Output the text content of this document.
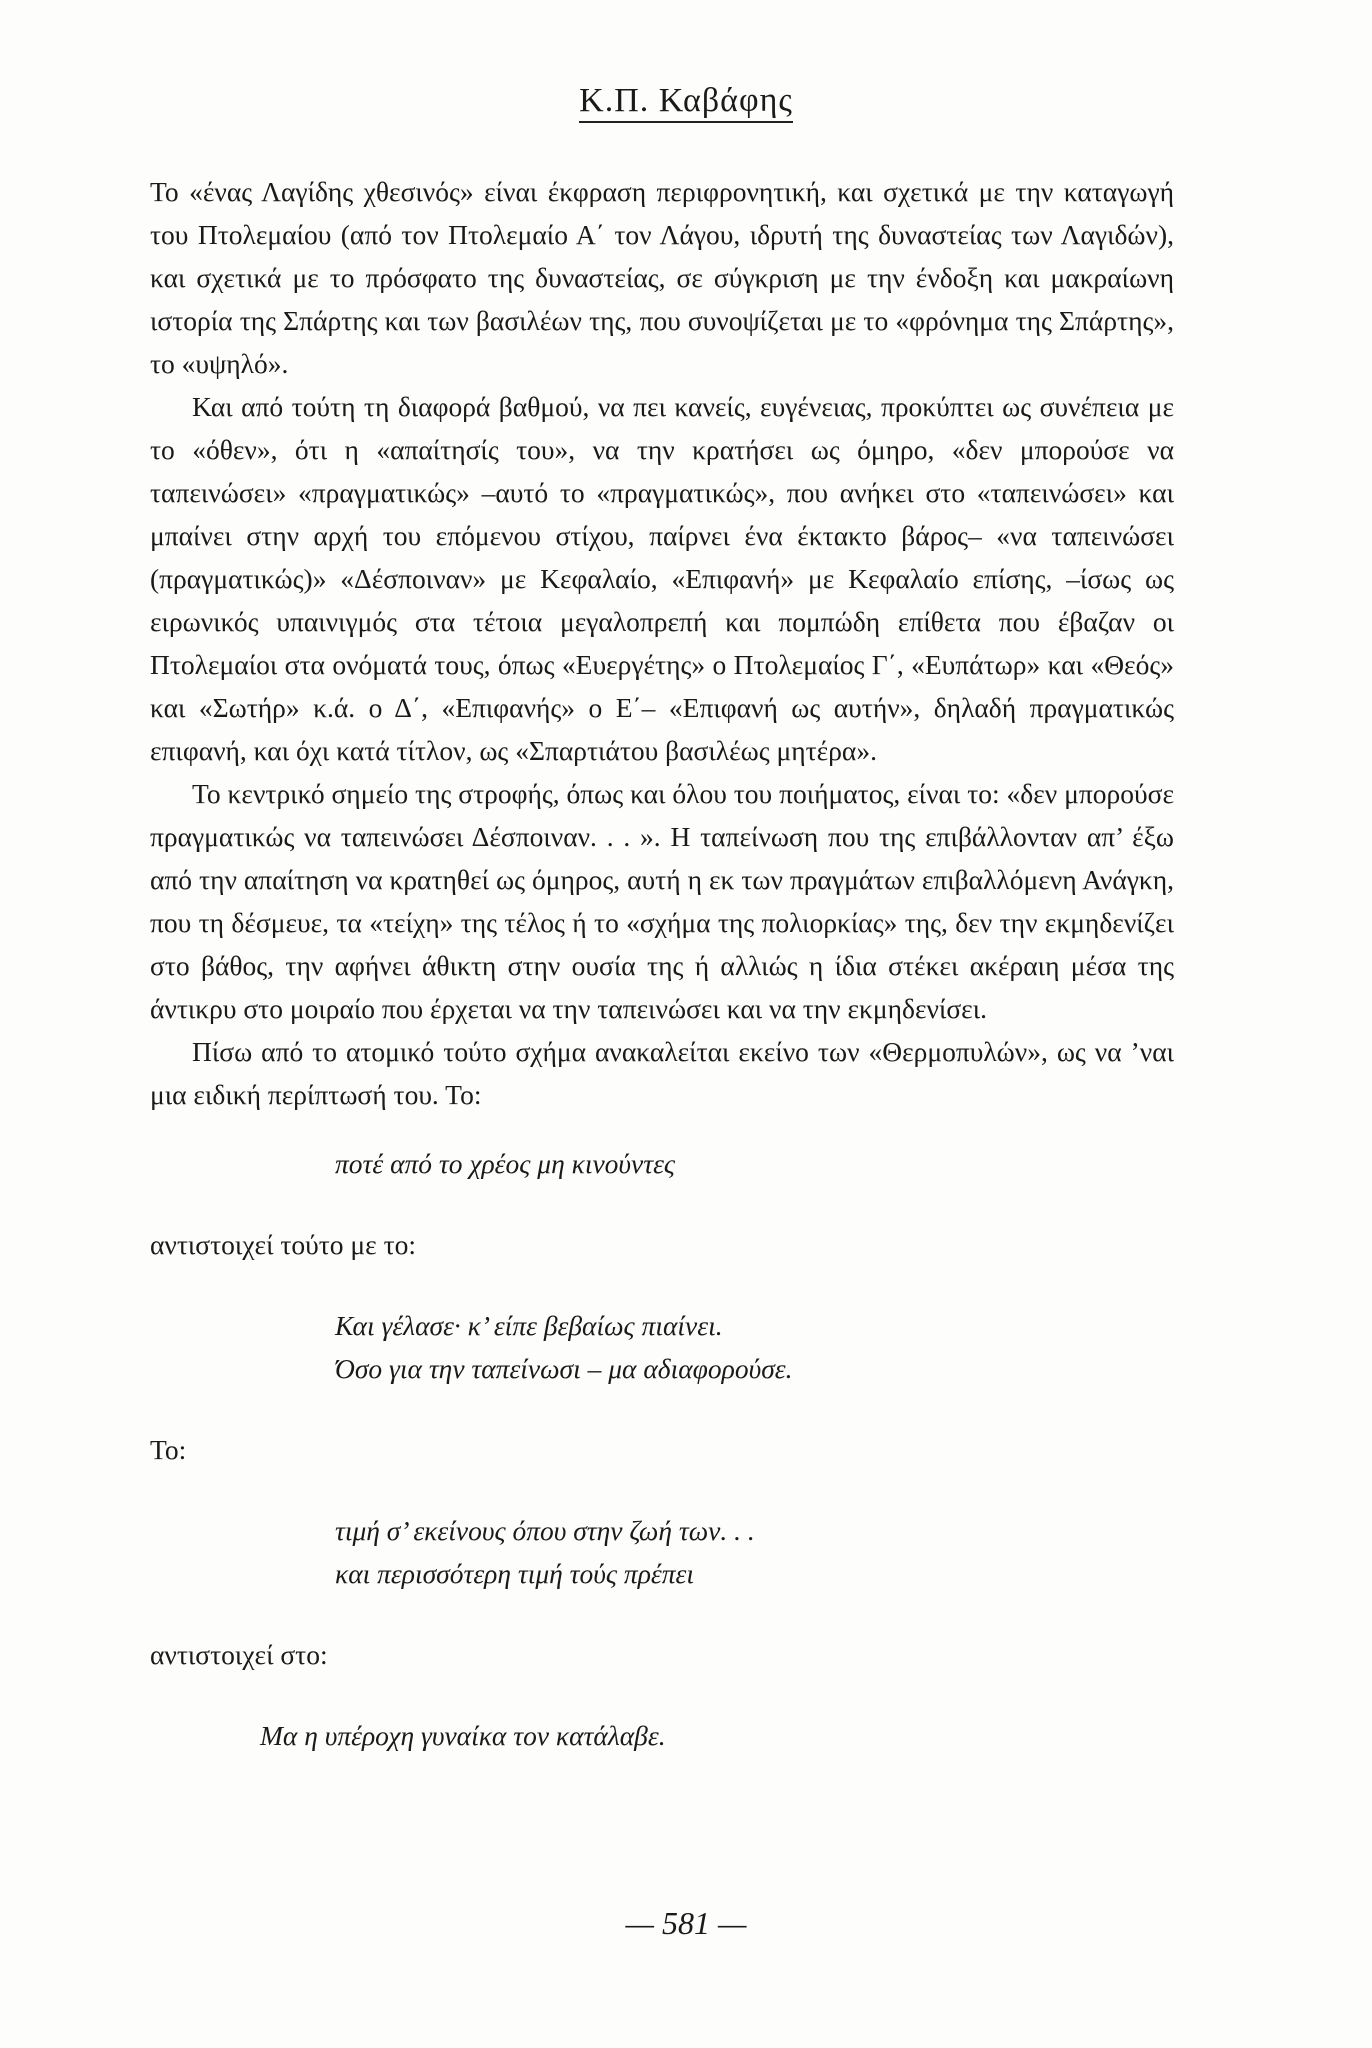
Κ.Π. Καβάφης

Το «ένας Λαγίδης χθεσινός» είναι έκφραση περιφρονητική, και σχετικά με την καταγωγή του Πτολεμαίου (από τον Πτολεμαίο Α΄ τον Λάγου, ιδρυτή της δυναστείας των Λαγιδών), και σχετικά με το πρόσφατο της δυναστείας, σε σύγκριση με την ένδοξη και μακραίωνη ιστορία της Σπάρτης και των βασιλέων της, που συνοψίζεται με το «φρόνημα της Σπάρτης», το «υψηλό».

Και από τούτη τη διαφορά βαθμού, να πει κανείς, ευγένειας, προκύπτει ως συνέπεια με το «όθεν», ότι η «απαίτησίς του», να την κρατήσει ως όμηρο, «δεν μπορούσε να ταπεινώσει» «πραγματικώς» –αυτό το «πραγματικώς», που ανήκει στο «ταπεινώσει» και μπαίνει στην αρχή του επόμενου στίχου, παίρνει ένα έκτακτο βάρος– «να ταπεινώσει (πραγματικώς)» «Δέσποιναν» με Κεφαλαίο, «Επιφανή» με Κεφαλαίο επίσης, –ίσως ως ειρωνικός υπαινιγμός στα τέτοια μεγαλοπρεπή και πομπώδη επίθετα που έβαζαν οι Πτολεμαίοι στα ονόματά τους, όπως «Ευεργέτης» ο Πτολεμαίος Γ΄, «Ευπάτωρ» και «Θεός» και «Σωτήρ» κ.ά. ο Δ΄, «Επιφανής» ο Ε΄– «Επιφανή ως αυτήν», δηλαδή πραγματικώς επιφανή, και όχι κατά τίτλον, ως «Σπαρτιάτου βασιλέως μητέρα».

Το κεντρικό σημείο της στροφής, όπως και όλου του ποιήματος, είναι το: «δεν μπορούσε πραγματικώς να ταπεινώσει Δέσποιναν. . . ». Η ταπείνωση που της επιβάλλονταν απ’ έξω από την απαίτηση να κρατηθεί ως όμηρος, αυτή η εκ των πραγμάτων επιβαλλόμενη Ανάγκη, που τη δέσμευε, τα «τείχη» της τέλος ή το «σχήμα της πολιορκίας» της, δεν την εκμηδενίζει στο βάθος, την αφήνει άθικτη στην ουσία της ή αλλιώς η ίδια στέκει ακέραιη μέσα της άντικρυ στο μοιραίο που έρχεται να την ταπεινώσει και να την εκμηδενίσει.

Πίσω από το ατομικό τούτο σχήμα ανακαλείται εκείνο των «Θερμοπυλών», ως να ’ναι μια ειδική περίπτωσή του. Το:

ποτέ από το χρέος μη κινούντες

αντιστοιχεί τούτο με το:

Και γέλασε· κ’ είπε βεβαίως πιαίνει.

Όσο για την ταπείνωσι – μα αδιαφορούσε.

Το:

τιμή σ’ εκείνους όπου στην ζωή των. . .

και περισσότερη τιμή τούς πρέπει

αντιστοιχεί στο:

Μα η υπέροχη γυναίκα τον κατάλαβε.

— 581 —
